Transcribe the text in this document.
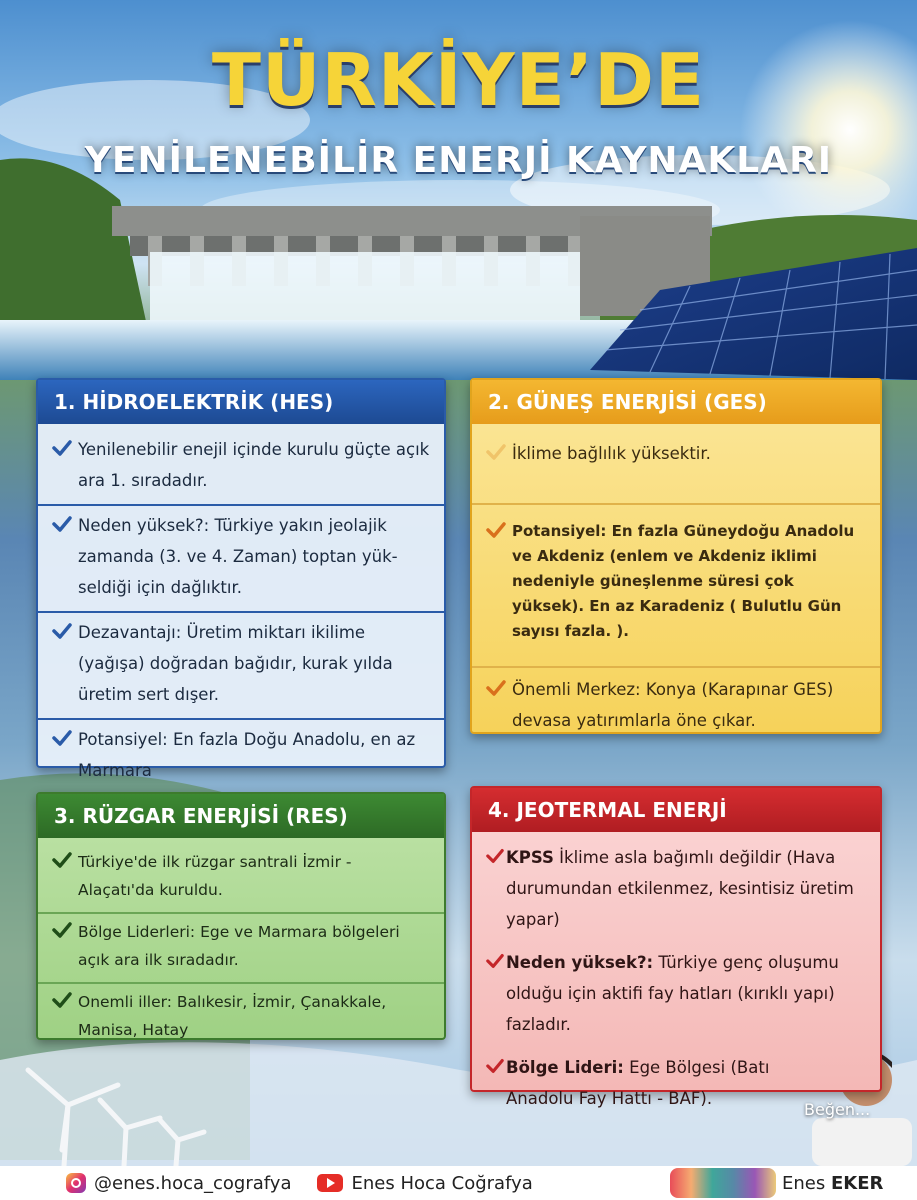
TÜRKİYE’DE
YENİLENEBİLİR ENERJİ KAYNAKLARI
1. HİDROELEKTRİK (HES)
Yenilenebilir enejil içinde kurulu güçte açık ara 1. sıradadır.
Neden yüksek?: Türkiye yakın jeolajik zamanda (3. ve 4. Zaman) toptan yük-seldiği için dağlıktır.
Dezavantajı: Üretim miktarı ikilime (yağışa) doğradan bağıdır, kurak yılda üretim sert dışer.
Potansiyel: En fazla Doğu Anadolu, en az Marmara
2. GÜNEŞ ENERJİSİ (GES)
İklime bağlılık yüksektir.
Potansiyel: En fazla Güneydoğu Anadolu ve Akdeniz (enlem ve Akdeniz iklimi nedeniyle güneşlenme süresi çok yüksek). En az Karadeniz ( Bulutlu Gün sayısı fazla. ).
Önemli Merkez: Konya (Karapınar GES) devasa yatırımlarla öne çıkar.
3. RÜZGAR ENERJİSİ (RES)
Türkiye'de ilk rüzgar santrali İzmir - Alaçatı'da kuruldu.
Bölge Liderleri: Ege ve Marmara bölgeleri açık ara ilk sıradadır.
Onemli iller: Balıkesir, İzmir, Çanakkale, Manisa, Hatay
4. JEOTERMAL ENERJİ
KPSS İklime asla bağımlı değildir (Hava durumundan etkilenmez, kesintisiz üretim yapar)
Neden yüksek?: Türkiye genç oluşumu olduğu için aktifi fay hatları (kırıklı yapı) fazladır.
Bölge Lideri: Ege Bölgesi (Batı Anadolu Fay Hattı - BAF).
Beğen...
@enes.hoca_cografya	Enes Hoca Coğrafya	Enes
EKER
